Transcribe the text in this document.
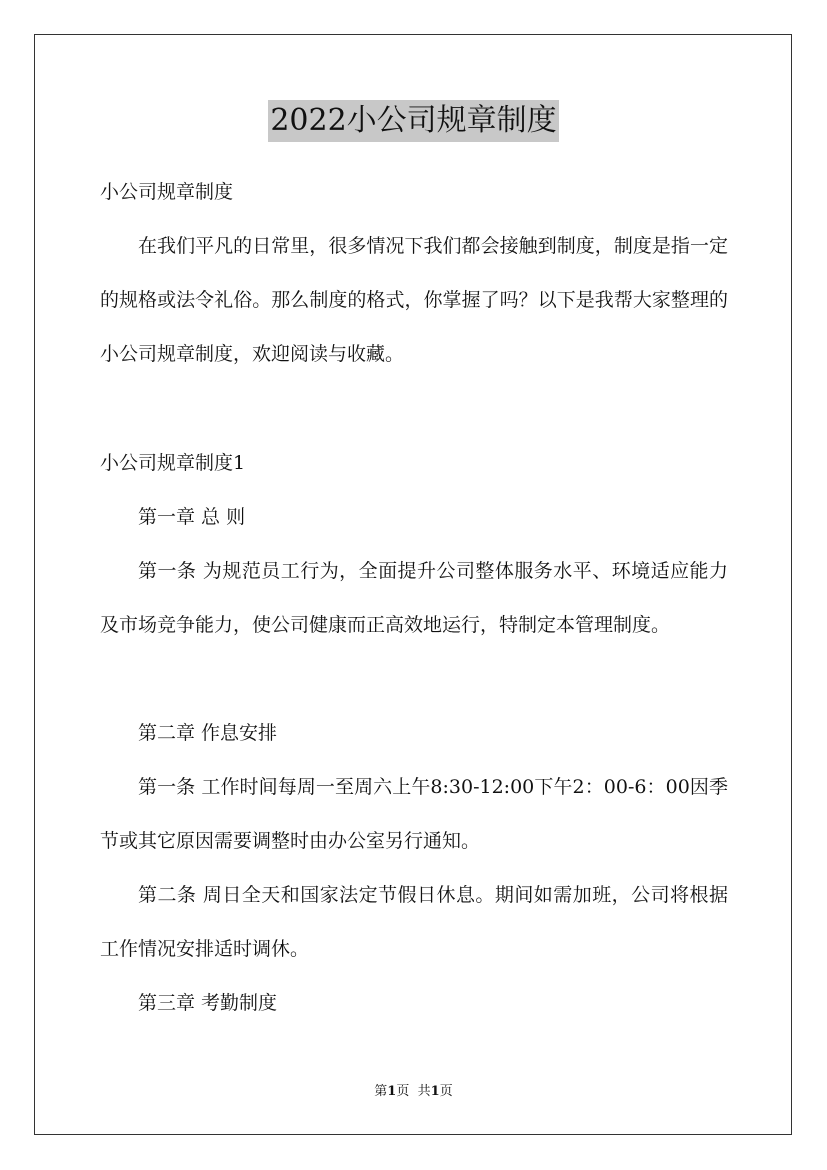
2022小公司规章制度

小公司规章制度

在我们平凡的日常里，很多情况下我们都会接触到制度，制度是指一定的规格或法令礼俗。那么制度的格式，你掌握了吗？以下是我帮大家整理的小公司规章制度，欢迎阅读与收藏。

小公司规章制度1

第一章 总 则

第一条 为规范员工行为，全面提升公司整体服务水平、环境适应能力及市场竞争能力，使公司健康而正高效地运行，特制定本管理制度。

第二章 作息安排

第一条 工作时间每周一至周六上午8:30-12:00下午2：00-6：00因季节或其它原因需要调整时由办公室另行通知。

第二条 周日全天和国家法定节假日休息。期间如需加班，公司将根据工作情况安排适时调休。

第三章 考勤制度

第1页 共1页
